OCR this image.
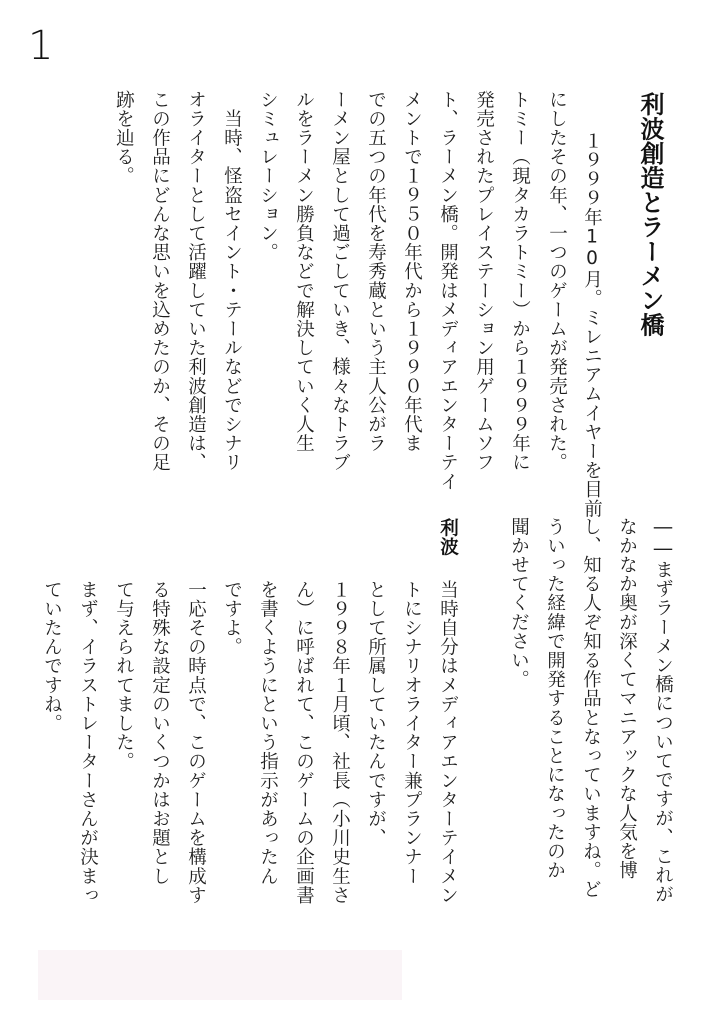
1
利波創造とラーメン橋

　１９９９年10月。ミレニアムイヤーを目前

にしたその年、一つのゲームが発売された。

トミー（現タカラトミー）から１９９９年に

発売されたプレイステーション用ゲームソフ

ト、ラーメン橋。開発はメディアエンターテイ

メントで１９５０年代から１９９０年代ま

での五つの年代を寿秀蔵という主人公がラ

ーメン屋として過ごしていき、様々なトラブ

ルをラーメン勝負などで解決していく人生

シミュレーション。

　当時、怪盗セイント・テールなどでシナリ

オライターとして活躍していた利波創造は、

この作品にどんな思いを込めたのか、その足

跡を辿る。

――まずラーメン橋についてですが、これが

なかなか奥が深くてマニアックな人気を博

し、知る人ぞ知る作品となっていますね。ど

ういった経緯で開発することになったのか

聞かせてください。

利波

当時自分はメディアエンターテイメン

トにシナリオライター兼プランナー

として所属していたんですが、

１９９８年１月頃、社長（小川史生さ

ん）に呼ばれて、このゲームの企画書

を書くようにという指示があったん

ですよ。

一応その時点で、このゲームを構成す

る特殊な設定のいくつかはお題とし

て与えられてました。

まず、イラストレーターさんが決まっ

ていたんですね。
